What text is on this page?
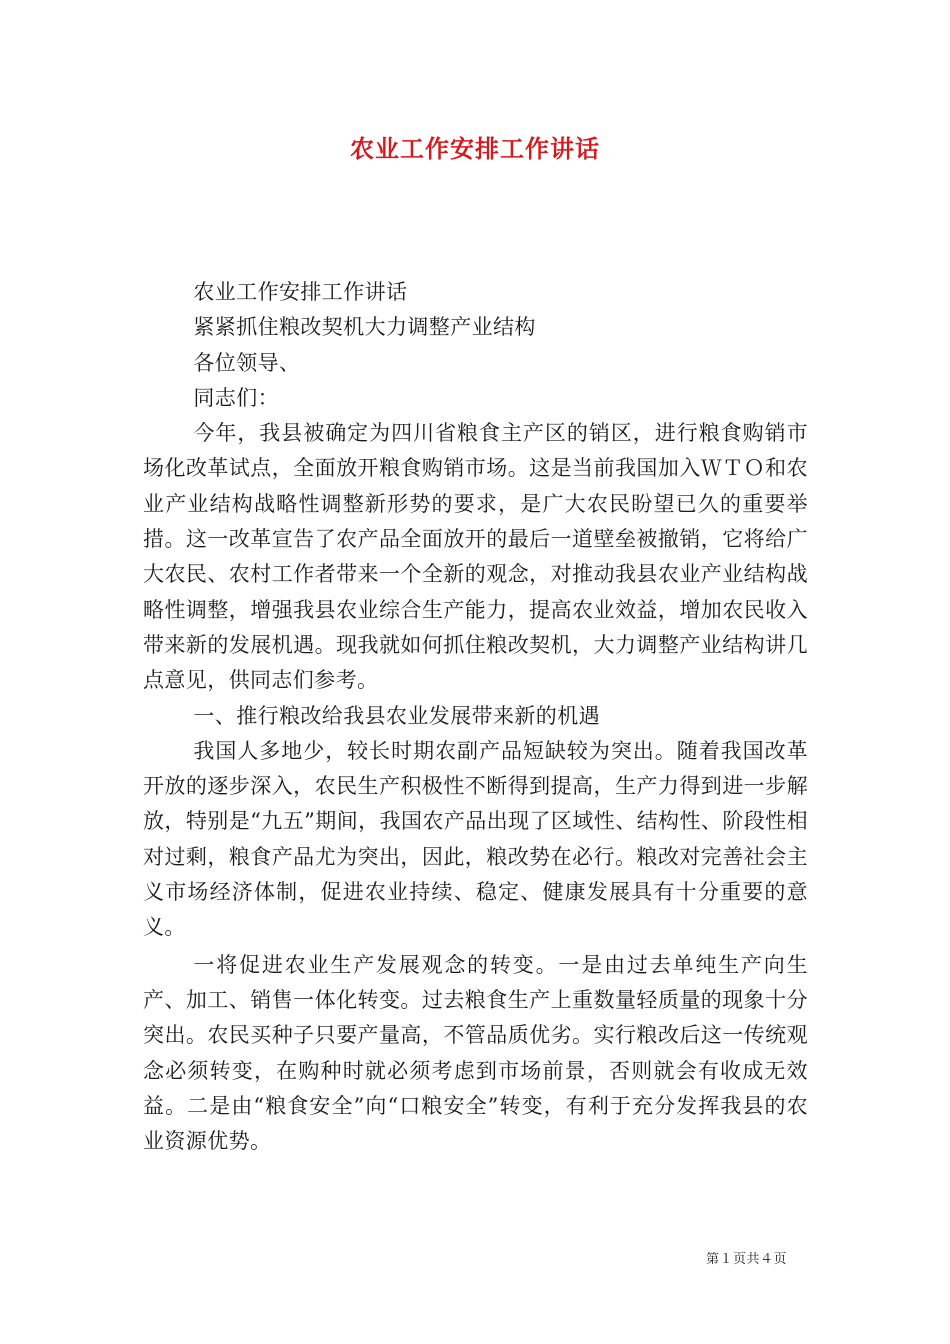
农业工作安排工作讲话

农业工作安排工作讲话

紧紧抓住粮改契机大力调整产业结构

各位领导、

同志们：

今年，我县被确定为四川省粮食主产区的销区，进行粮食购销市场化改革试点，全面放开粮食购销市场。这是当前我国加入ＷＴＯ和农业产业结构战略性调整新形势的要求，是广大农民盼望已久的重要举措。这一改革宣告了农产品全面放开的最后一道壁垒被撤销，它将给广大农民、农村工作者带来一个全新的观念，对推动我县农业产业结构战略性调整，增强我县农业综合生产能力，提高农业效益，增加农民收入带来新的发展机遇。现我就如何抓住粮改契机，大力调整产业结构讲几点意见，供同志们参考。

一、推行粮改给我县农业发展带来新的机遇

我国人多地少，较长时期农副产品短缺较为突出。随着我国改革开放的逐步深入，农民生产积极性不断得到提高，生产力得到进一步解放，特别是“九五”期间，我国农产品出现了区域性、结构性、阶段性相对过剩，粮食产品尤为突出，因此，粮改势在必行。粮改对完善社会主义市场经济体制，促进农业持续、稳定、健康发展具有十分重要的意义。

一将促进农业生产发展观念的转变。一是由过去单纯生产向生产、加工、销售一体化转变。过去粮食生产上重数量轻质量的现象十分突出。农民买种子只要产量高，不管品质优劣。实行粮改后这一传统观念必须转变，在购种时就必须考虑到市场前景，否则就会有收成无效益。二是由“粮食安全”向“口粮安全”转变，有利于充分发挥我县的农业资源优势。

第１页共４页
